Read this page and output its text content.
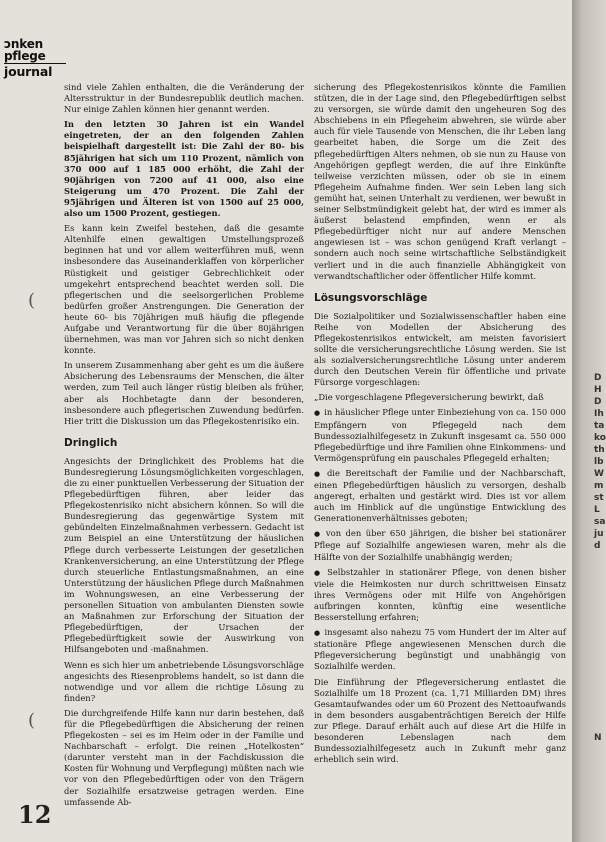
ɔnken
pflege
journal
(
(

sind viele Zahlen enthalten, die die Veränderung der Altersstruktur in der Bundesrepublik deutlich machen. Nur einige Zahlen können hier genannt werden.

In den letzten 30 Jahren ist ein Wandel eingetreten, der an den folgenden Zahlen beispielhaft dargestellt ist: Die Zahl der 80- bis 85jährigen hat sich um 110 Prozent, nämlich von 370 000 auf 1 185 000 erhöht, die Zahl der 90jährigen von 7200 auf 41 000, also eine Steigerung um 470 Prozent. Die Zahl der 95jährigen und Älteren ist von 1500 auf 25 000, also um 1500 Prozent, gestiegen.

Es kann kein Zweifel bestehen, daß die gesamte Altenhilfe einen gewaltigen Umstellungsprozeß beginnen hat und vor allem weiterführen muß, wenn insbesondere das Auseinanderklaffen von körperlicher Rüstigkeit und geistiger Gebrechlichkeit oder umgekehrt entsprechend beachtet werden soll. Die pflegerischen und die seelsorgerlichen Probleme bedürfen großer Anstrengungen. Die Generation der heute 60- bis 70jährigen muß häufig die pflegende Aufgabe und Verantwortung für die über 80jährigen übernehmen, was man vor Jahren sich so nicht denken konnte.

In unserem Zusammenhang aber geht es um die äußere Absicherung des Lebensraums der Menschen, die älter werden, zum Teil auch länger rüstig bleiben als früher, aber als Hochbetagte dann der besonderen, insbesondere auch pflegerischen Zuwendung bedürfen. Hier tritt die Diskussion um das Pflegekostenrisiko ein.

Dringlich

Angesichts der Dringlichkeit des Problems hat die Bundesregierung Lösungsmöglichkeiten vorgeschlagen, die zu einer punktuellen Verbesserung der Situation der Pflegebedürftigen führen, aber leider das Pflegekostenrisiko nicht absichern können. So will die Bundesregierung das gegenwärtige System mit gebündelten Einzelmaßnahmen verbessern. Gedacht ist zum Beispiel an eine Unterstützung der häuslichen Pflege durch verbesserte Leistungen der gesetzlichen Krankenversicherung, an eine Unterstützung der Pflege durch steuerliche Entlastungsmaßnahmen, an eine Unterstützung der häuslichen Pflege durch Maßnahmen im Wohnungswesen, an eine Verbesserung der personellen Situation von ambulanten Diensten sowie an Maßnahmen zur Erforschung der Situation der Pflegebedürftigen, der Ursachen der Pflegebedürftigkeit sowie der Auswirkung von Hilfsangeboten und -maßnahmen.

Wenn es sich hier um anbetriebende Lösungsvorschläge angesichts des Riesenproblems handelt, so ist dann die notwendige und vor allem die richtige Lösung zu finden?

Die durchgreifende Hilfe kann nur darin bestehen, daß für die Pflegebedürftigen die Absicherung der reinen Pflegekosten – sei es im Heim oder in der Familie und Nachbarschaft – erfolgt. Die reinen „Hotelkosten“ (darunter versteht man in der Fachdiskussion die Kosten für Wohnung und Verpflegung) müßten nach wie vor von den Pflegebedürftigen oder von den Trägern der Sozialhilfe ersatzweise getragen werden. Eine umfassende Ab-

sicherung des Pflegekostenrisikos könnte die Familien stützen, die in der Lage sind, den Pflegebedürftigen selbst zu versorgen, sie würde damit den ungeheuren Sog des Abschiebens in ein Pflegeheim abwehren, sie würde aber auch für viele Tausende von Menschen, die ihr Leben lang gearbeitet haben, die Sorge um die Zeit des pflegebedürftigen Alters nehmen, ob sie nun zu Hause von Angehörigen gepflegt werden, die auf ihre Einkünfte teilweise verzichten müssen, oder ob sie in einem Pflegeheim Aufnahme finden. Wer sein Leben lang sich gemüht hat, seinen Unterhalt zu verdienen, wer bewußt in seiner Selbstmündigkeit gelebt hat, der wird es immer als äußerst belastend empfinden, wenn er als Pflegebedürftiger nicht nur auf andere Menschen angewiesen ist – was schon genügend Kraft verlangt – sondern auch noch seine wirtschaftliche Selbständigkeit verliert und in die auch finanzielle Abhängigkeit von verwandtschaftlicher oder öffentlicher Hilfe kommt.

Lösungsvorschläge

Die Sozialpolitiker und Sozialwissenschaftler haben eine Reihe von Modellen der Absicherung des Pflegekostenrisikos entwickelt, am meisten favorisiert sollte die versicherungsrechtliche Lösung werden. Sie ist als sozialversicherungsrechtliche Lösung unter anderem durch den Deutschen Verein für öffentliche und private Fürsorge vorgeschlagen:

„Die vorgeschlagene Pflegeversicherung bewirkt, daß

● in häuslicher Pflege unter Einbeziehung von ca. 150 000 Empfängern von Pflegegeld nach dem Bundessozialhilfegesetz in Zukunft insgesamt ca. 550 000 Pflegebedürftige und ihre Familien ohne Einkommens- und Vermögensprüfung ein pauschales Pflegegeld erhalten;

● die Bereitschaft der Familie und der Nachbarschaft, einen Pflegebedürftigen häuslich zu versorgen, deshalb angeregt, erhalten und gestärkt wird. Dies ist vor allem auch im Hinblick auf die ungünstige Entwicklung des Generationenverhältnisses geboten;

● von den über 650 jährigen, die bisher bei stationärer Pflege auf Sozialhilfe angewiesen waren, mehr als die Hälfte von der Sozialhilfe unabhängig werden;

● Selbstzahler in stationärer Pflege, von denen bisher viele die Heimkosten nur durch schrittweisen Einsatz ihres Vermögens oder mit Hilfe von Angehörigen aufbringen konnten, künftig eine wesentliche Besserstellung erfahren;

● insgesamt also nahezu 75 vom Hundert der im Alter auf stationäre Pflege angewiesenen Menschen durch die Pflegeversicherung begünstigt und unabhängig von Sozialhilfe werden.

Die Einführung der Pflegeversicherung entlastet die Sozialhilfe um 18 Prozent (ca. 1,71 Milliarden DM) ihres Gesamtaufwandes oder um 60 Prozent des Nettoaufwands in dem besonders ausgabenträchtigen Bereich der Hilfe zur Pflege. Darauf erhält auch auf diese Art die Hilfe in besonderen Lebenslagen nach dem Bundessozialhilfegesetz auch in Zukunft mehr ganz erheblich sein wird.

12
D
H
D
Ih
ta
ko
th
lb
W
m
st
L
sa
ju
d
N
